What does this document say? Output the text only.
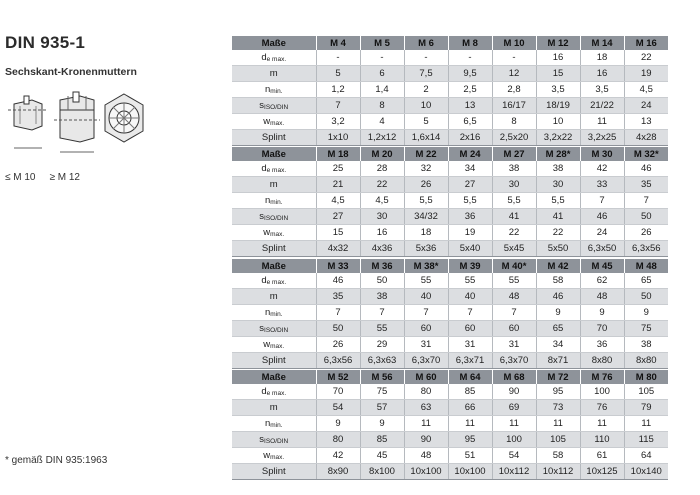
DIN 935-1
Sechskant-Kronenmuttern
≤ M 10 ≥ M 12
* gemäß DIN 935:1963
Maße	M 4	M 5	M 6	M 8	M 10	M 12	M 14	M 16
de max.	-	-	-	-	-	16	18	22
m	5	6	7,5	9,5	12	15	16	19
nmin.	1,2	1,4	2	2,5	2,8	3,5	3,5	4,5
sISO/DIN	7	8	10	13	16/17	18/19	21/22	24
wmax.	3,2	4	5	6,5	8	10	11	13
Splint	1x10	1,2x12	1,6x14	2x16	2,5x20	3,2x22	3,2x25	4x28
Maße	M 18	M 20	M 22	M 24	M 27	M 28*	M 30	M 32*
de max.	25	28	32	34	38	38	42	46
m	21	22	26	27	30	30	33	35
nmin.	4,5	4,5	5,5	5,5	5,5	5,5	7	7
sISO/DIN	27	30	34/32	36	41	41	46	50
wmax.	15	16	18	19	22	22	24	26
Splint	4x32	4x36	5x36	5x40	5x45	5x50	6,3x50	6,3x56
Maße	M 33	M 36	M 38*	M 39	M 40*	M 42	M 45	M 48
de max.	46	50	55	55	55	58	62	65
m	35	38	40	40	48	46	48	50
nmin.	7	7	7	7	7	9	9	9
sISO/DIN	50	55	60	60	60	65	70	75
wmax.	26	29	31	31	31	34	36	38
Splint	6,3x56	6,3x63	6,3x70	6,3x71	6,3x70	8x71	8x80	8x80
Maße	M 52	M 56	M 60	M 64	M 68	M 72	M 76	M 80
de max.	70	75	80	85	90	95	100	105
m	54	57	63	66	69	73	76	79
nmin.	9	9	11	11	11	11	11	11
sISO/DIN	80	85	90	95	100	105	110	115
wmax.	42	45	48	51	54	58	61	64
Splint	8x90	8x100	10x100	10x100	10x112	10x112	10x125	10x140
